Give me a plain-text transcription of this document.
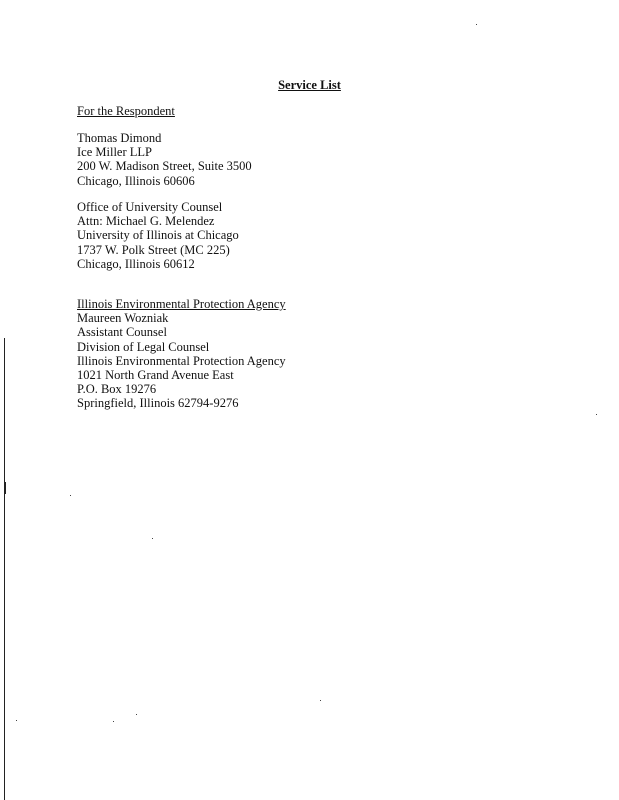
Service List
For the Respondent
Thomas Dimond
Ice Miller LLP
200 W. Madison Street, Suite 3500
Chicago, Illinois 60606
Office of University Counsel
Attn: Michael G. Melendez
University of Illinois at Chicago
1737 W. Polk Street (MC 225)
Chicago, Illinois 60612
Illinois Environmental Protection Agency
Maureen Wozniak
Assistant Counsel
Division of Legal Counsel
Illinois Environmental Protection Agency
1021 North Grand Avenue East
P.O. Box 19276
Springfield, Illinois 62794-9276
